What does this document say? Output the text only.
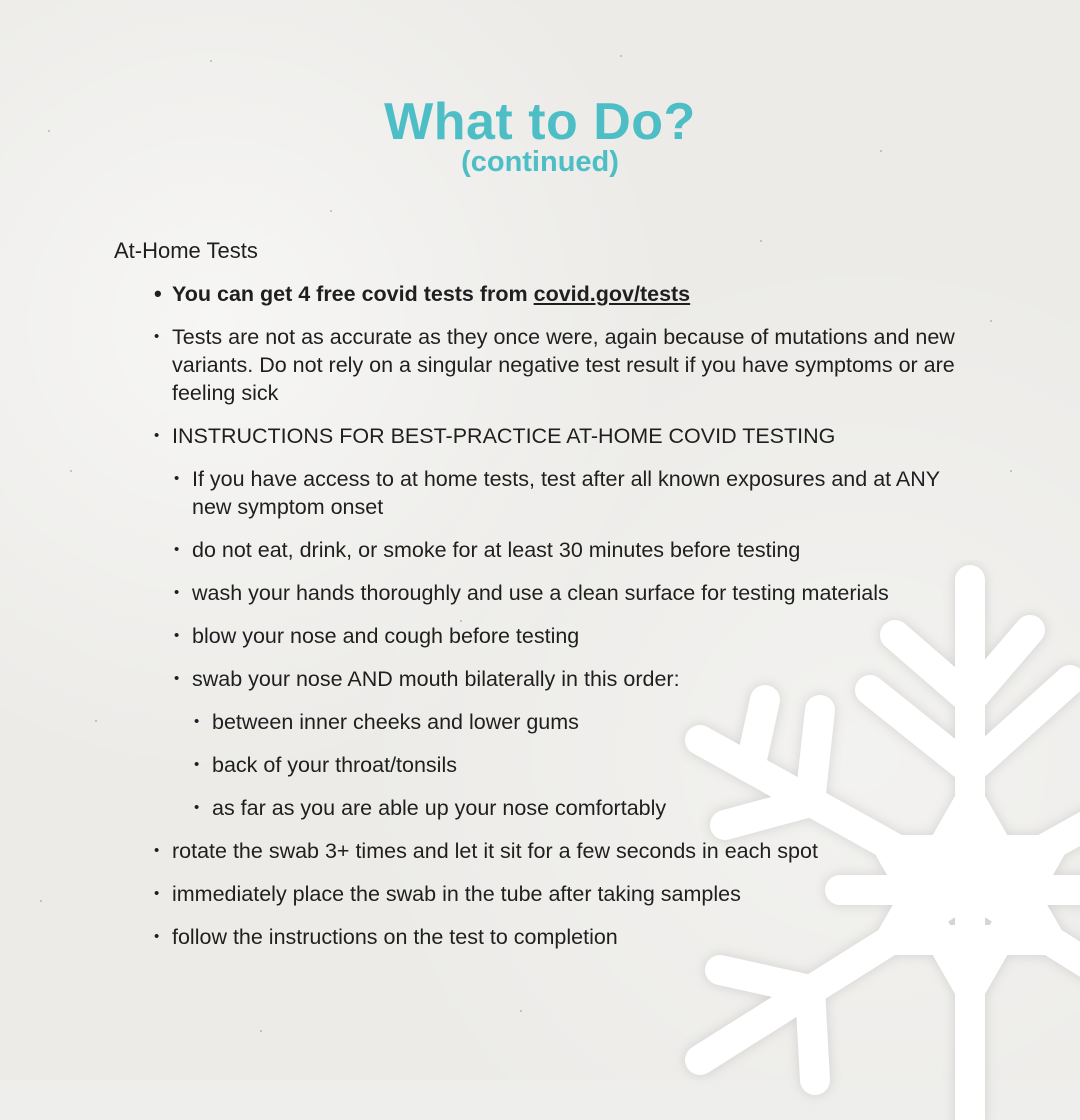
What to Do?
(continued)
At-Home Tests
• You can get 4 free covid tests from covid.gov/tests
• Tests are not as accurate as they once were, again because of mutations and new variants. Do not rely on a singular negative test result if you have symptoms or are feeling sick
• INSTRUCTIONS FOR BEST-PRACTICE AT-HOME COVID TESTING
• If you have access to at home tests, test after all known exposures and at ANY new symptom onset
• do not eat, drink, or smoke for at least 30 minutes before testing
• wash your hands thoroughly and use a clean surface for testing materials
• blow your nose and cough before testing
• swab your nose AND mouth bilaterally in this order:
• between inner cheeks and lower gums
• back of your throat/tonsils
• as far as you are able up your nose comfortably
• rotate the swab 3+ times and let it sit for a few seconds in each spot
• immediately place the swab in the tube after taking samples
• follow the instructions on the test to completion
